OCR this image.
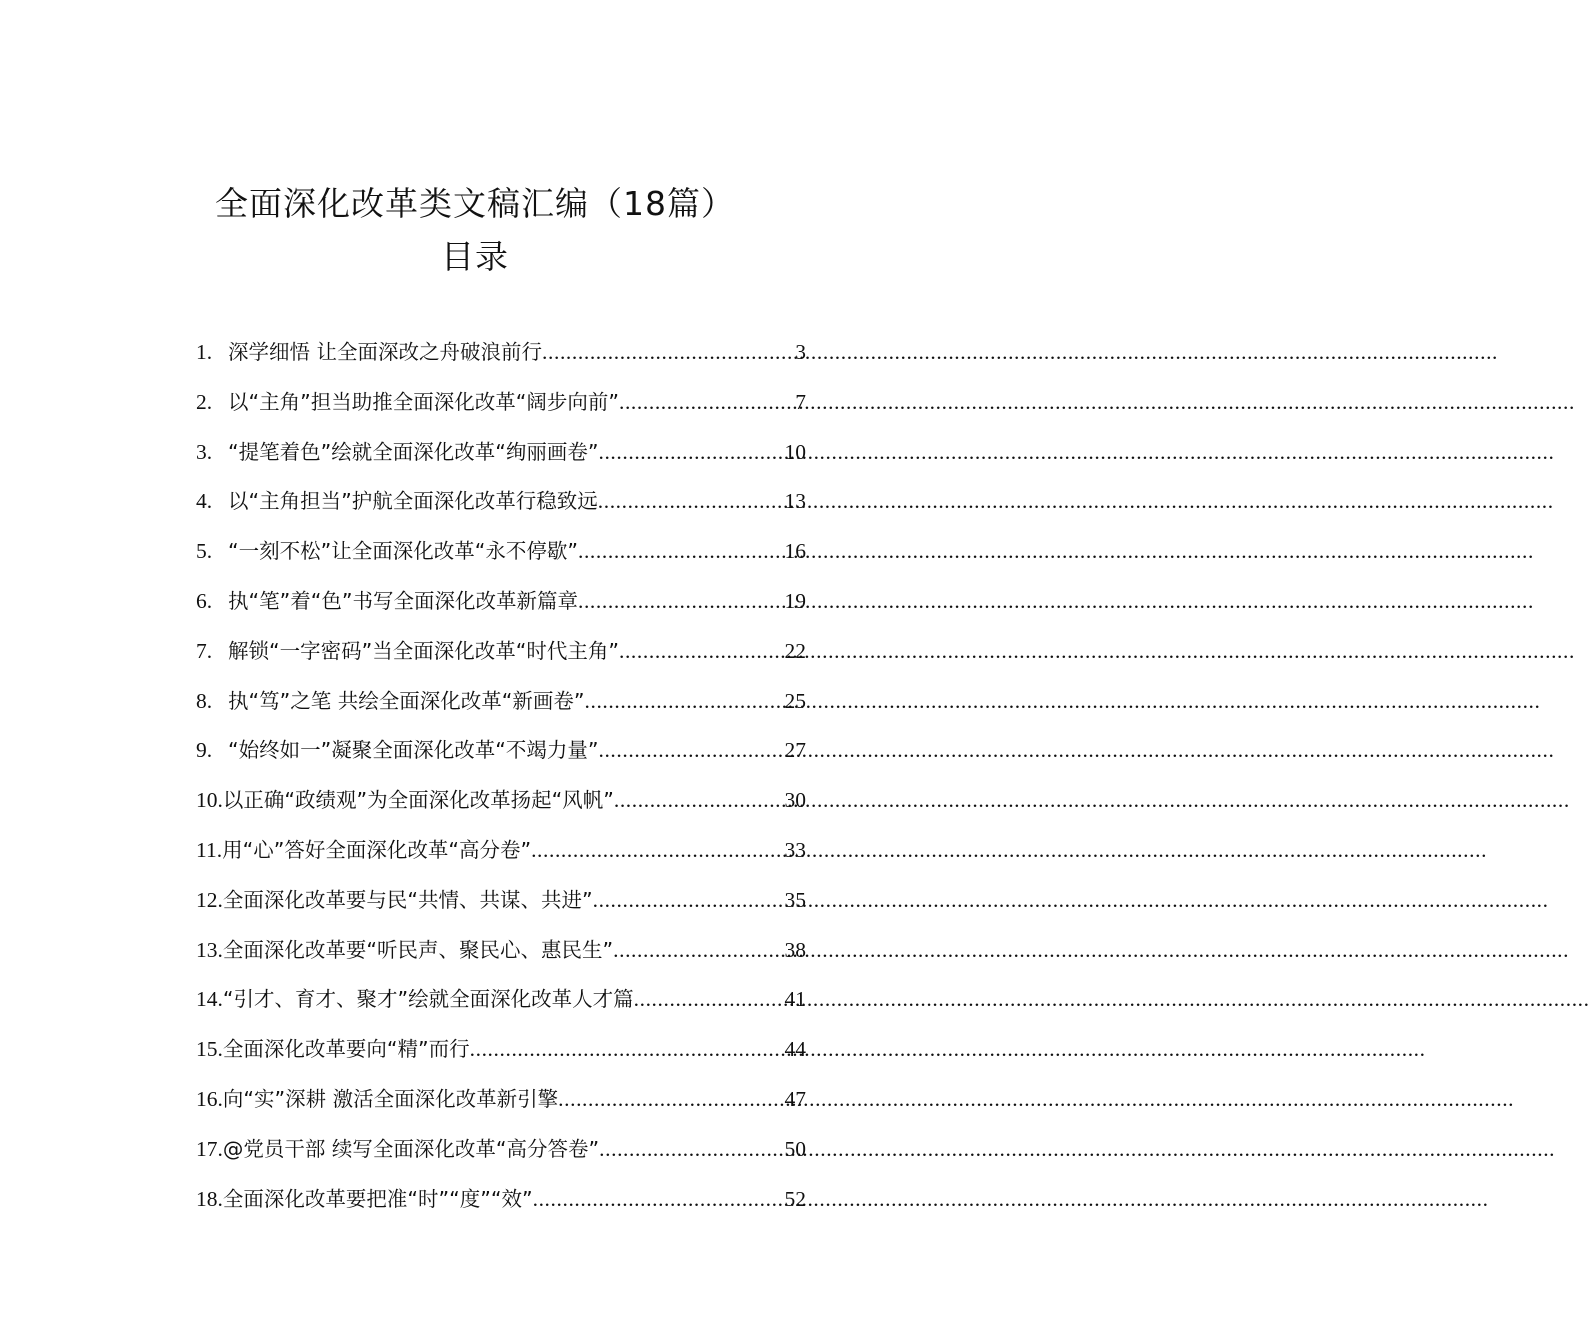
全面深化改革类文稿汇编（18篇）
目录
1. 深学细悟 让全面深改之舟破浪前行 .....	3
2. 以“主角”担当助推全面深化改革“阔步向前” .....	7
3. “提笔着色”绘就全面深化改革“绚丽画卷” .....	10
4. 以“主角担当”护航全面深化改革行稳致远 .....	13
5. “一刻不松”让全面深化改革“永不停歇” .....	16
6. 执“笔”着“色”书写全面深化改革新篇章 .....	19
7. 解锁“一字密码”当全面深化改革“时代主角” .....	22
8. 执“笃”之笔 共绘全面深化改革“新画卷” .....	25
9. “始终如一”凝聚全面深化改革“不竭力量” .....	27
10. 以正确“政绩观”为全面深化改革扬起“风帆” .....	30
11. 用“心”答好全面深化改革“高分卷” .....	33
12. 全面深化改革要与民“共情、共谋、共进” .....	35
13. 全面深化改革要“听民声、聚民心、惠民生” .....	38
14. “引才、育才、聚才”绘就全面深化改革人才篇 .....	41
15. 全面深化改革要向“精”而行 .....	44
16. 向“实”深耕 激活全面深化改革新引擎 .....	47
17. @党员干部 续写全面深化改革“高分答卷” .....	50
18. 全面深化改革要把准“时”“度”“效” .....	52
